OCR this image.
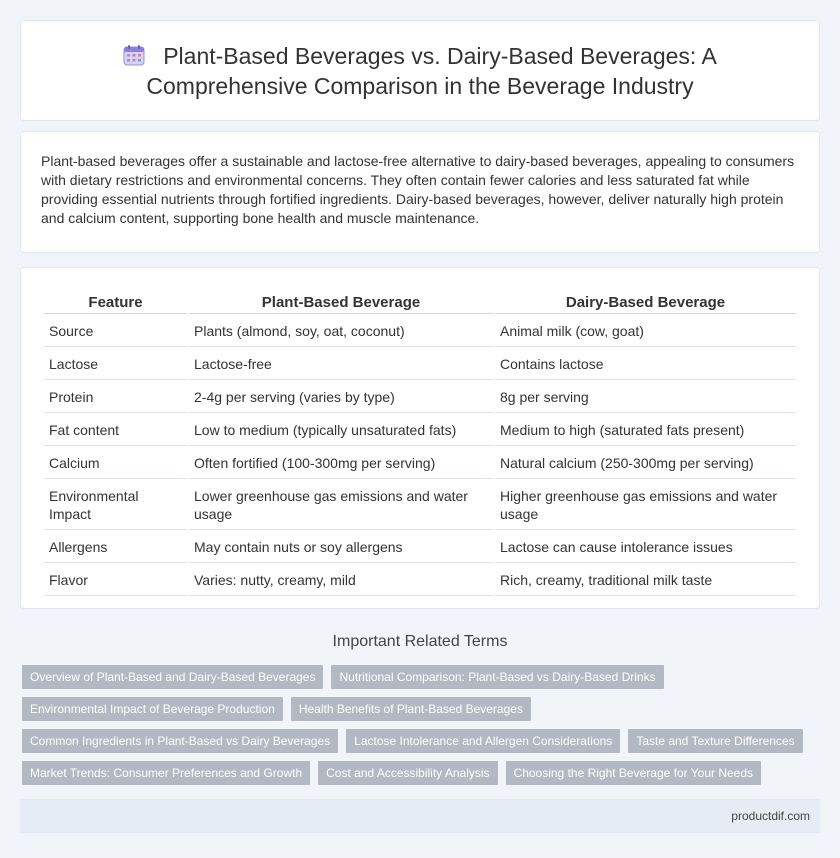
Plant-Based Beverages vs. Dairy-Based Beverages: A Comprehensive Comparison in the Beverage Industry

Plant-based beverages offer a sustainable and lactose-free alternative to dairy-based beverages, appealing to consumers with dietary restrictions and environmental concerns. They often contain fewer calories and less saturated fat while providing essential nutrients through fortified ingredients. Dairy-based beverages, however, deliver naturally high protein and calcium content, supporting bone health and muscle maintenance.

Feature	Plant-Based Beverage	Dairy-Based Beverage
Source	Plants (almond, soy, oat, coconut)	Animal milk (cow, goat)
Lactose	Lactose-free	Contains lactose
Protein	2-4g per serving (varies by type)	8g per serving
Fat content	Low to medium (typically unsaturated fats)	Medium to high (saturated fats present)
Calcium	Often fortified (100-300mg per serving)	Natural calcium (250-300mg per serving)
Environmental Impact	Lower greenhouse gas emissions and water usage	Higher greenhouse gas emissions and water usage
Allergens	May contain nuts or soy allergens	Lactose can cause intolerance issues
Flavor	Varies: nutty, creamy, mild	Rich, creamy, traditional milk taste
Important Related Terms
Overview of Plant-Based and Dairy-Based Beverages	Nutritional Comparison: Plant-Based vs Dairy-Based Drinks
Environmental Impact of Beverage Production	Health Benefits of Plant-Based Beverages
Common Ingredients in Plant-Based vs Dairy Beverages	Lactose Intolerance and Allergen Considerations	Taste and Texture Differences
Market Trends: Consumer Preferences and Growth	Cost and Accessibility Analysis	Choosing the Right Beverage for Your Needs
productdif.com
